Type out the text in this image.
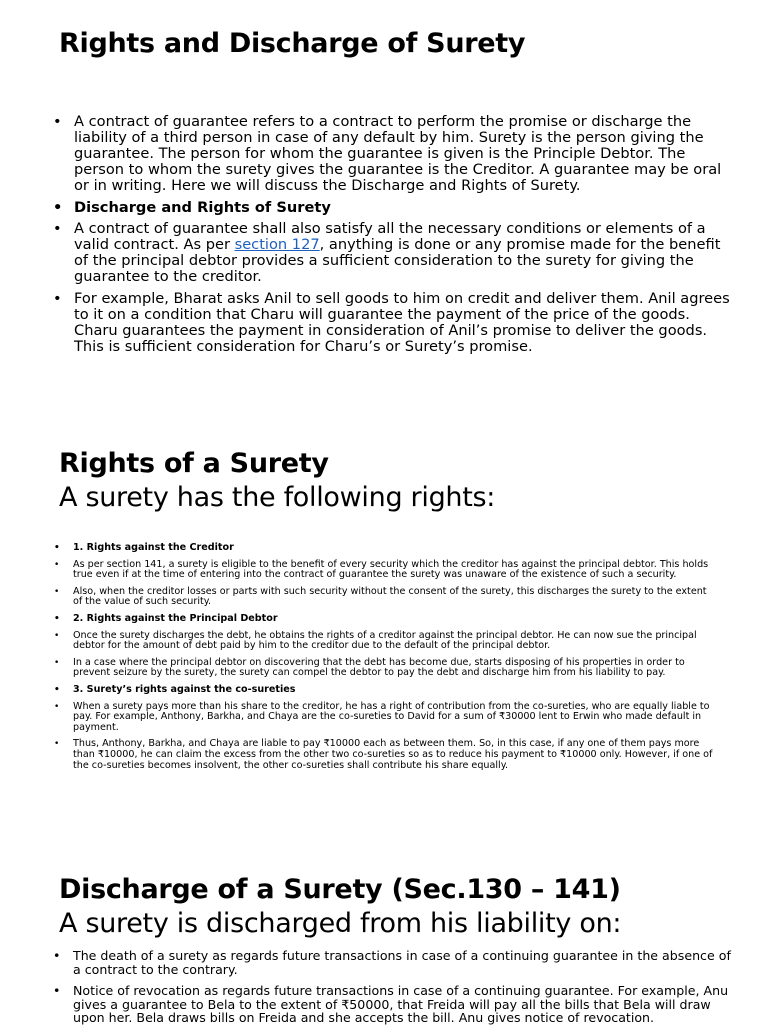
Rights and Discharge of Surety
• A contract of guarantee refers to a contract to perform the promise or discharge the liability of a third person in case of any default by him. Surety is the person giving the guarantee. The person for whom the guarantee is given is the Principle Debtor. The person to whom the surety gives the guarantee is the Creditor. A guarantee may be oral or in writing. Here we will discuss the Discharge and Rights of Surety.
• Discharge and Rights of Surety
• A contract of guarantee shall also satisfy all the necessary conditions or elements of a valid contract. As per section 127, anything is done or any promise made for the benefit of the principal debtor provides a sufficient consideration to the surety for giving the guarantee to the creditor.
• For example, Bharat asks Anil to sell goods to him on credit and deliver them. Anil agrees to it on a condition that Charu will guarantee the payment of the price of the goods. Charu guarantees the payment in consideration of Anil’s promise to deliver the goods. This is sufficient consideration for Charu’s or Surety’s promise.
Rights of a Surety
A surety has the following rights:
• 1. Rights against the Creditor
• As per section 141, a surety is eligible to the benefit of every security which the creditor has against the principal debtor. This holds true even if at the time of entering into the contract of guarantee the surety was unaware of the existence of such a security.
• Also, when the creditor losses or parts with such security without the consent of the surety, this discharges the surety to the extent of the value of such security.
• 2. Rights against the Principal Debtor
• Once the surety discharges the debt, he obtains the rights of a creditor against the principal debtor. He can now sue the principal debtor for the amount of debt paid by him to the creditor due to the default of the principal debtor.
• In a case where the principal debtor on discovering that the debt has become due, starts disposing of his properties in order to prevent seizure by the surety, the surety can compel the debtor to pay the debt and discharge him from his liability to pay.
• 3. Surety’s rights against the co-sureties
• When a surety pays more than his share to the creditor, he has a right of contribution from the co-sureties, who are equally liable to pay. For example, Anthony, Barkha, and Chaya are the co-sureties to David for a sum of ₹30000 lent to Erwin who made default in payment.
• Thus, Anthony, Barkha, and Chaya are liable to pay ₹10000 each as between them. So, in this case, if any one of them pays more than ₹10000, he can claim the excess from the other two co-sureties so as to reduce his payment to ₹10000 only. However, if one of the co-sureties becomes insolvent, the other co-sureties shall contribute his share equally.
Discharge of a Surety (Sec.130 – 141)
A surety is discharged from his liability on:
• The death of a surety as regards future transactions in case of a continuing guarantee in the absence of a contract to the contrary.
• Notice of revocation as regards future transactions in case of a continuing guarantee. For example, Anu gives a guarantee to Bela to the extent of ₹50000, that Freida will pay all the bills that Bela will draw upon her. Bela draws bills on Freida and she accepts the bill. Anu gives notice of revocation.
